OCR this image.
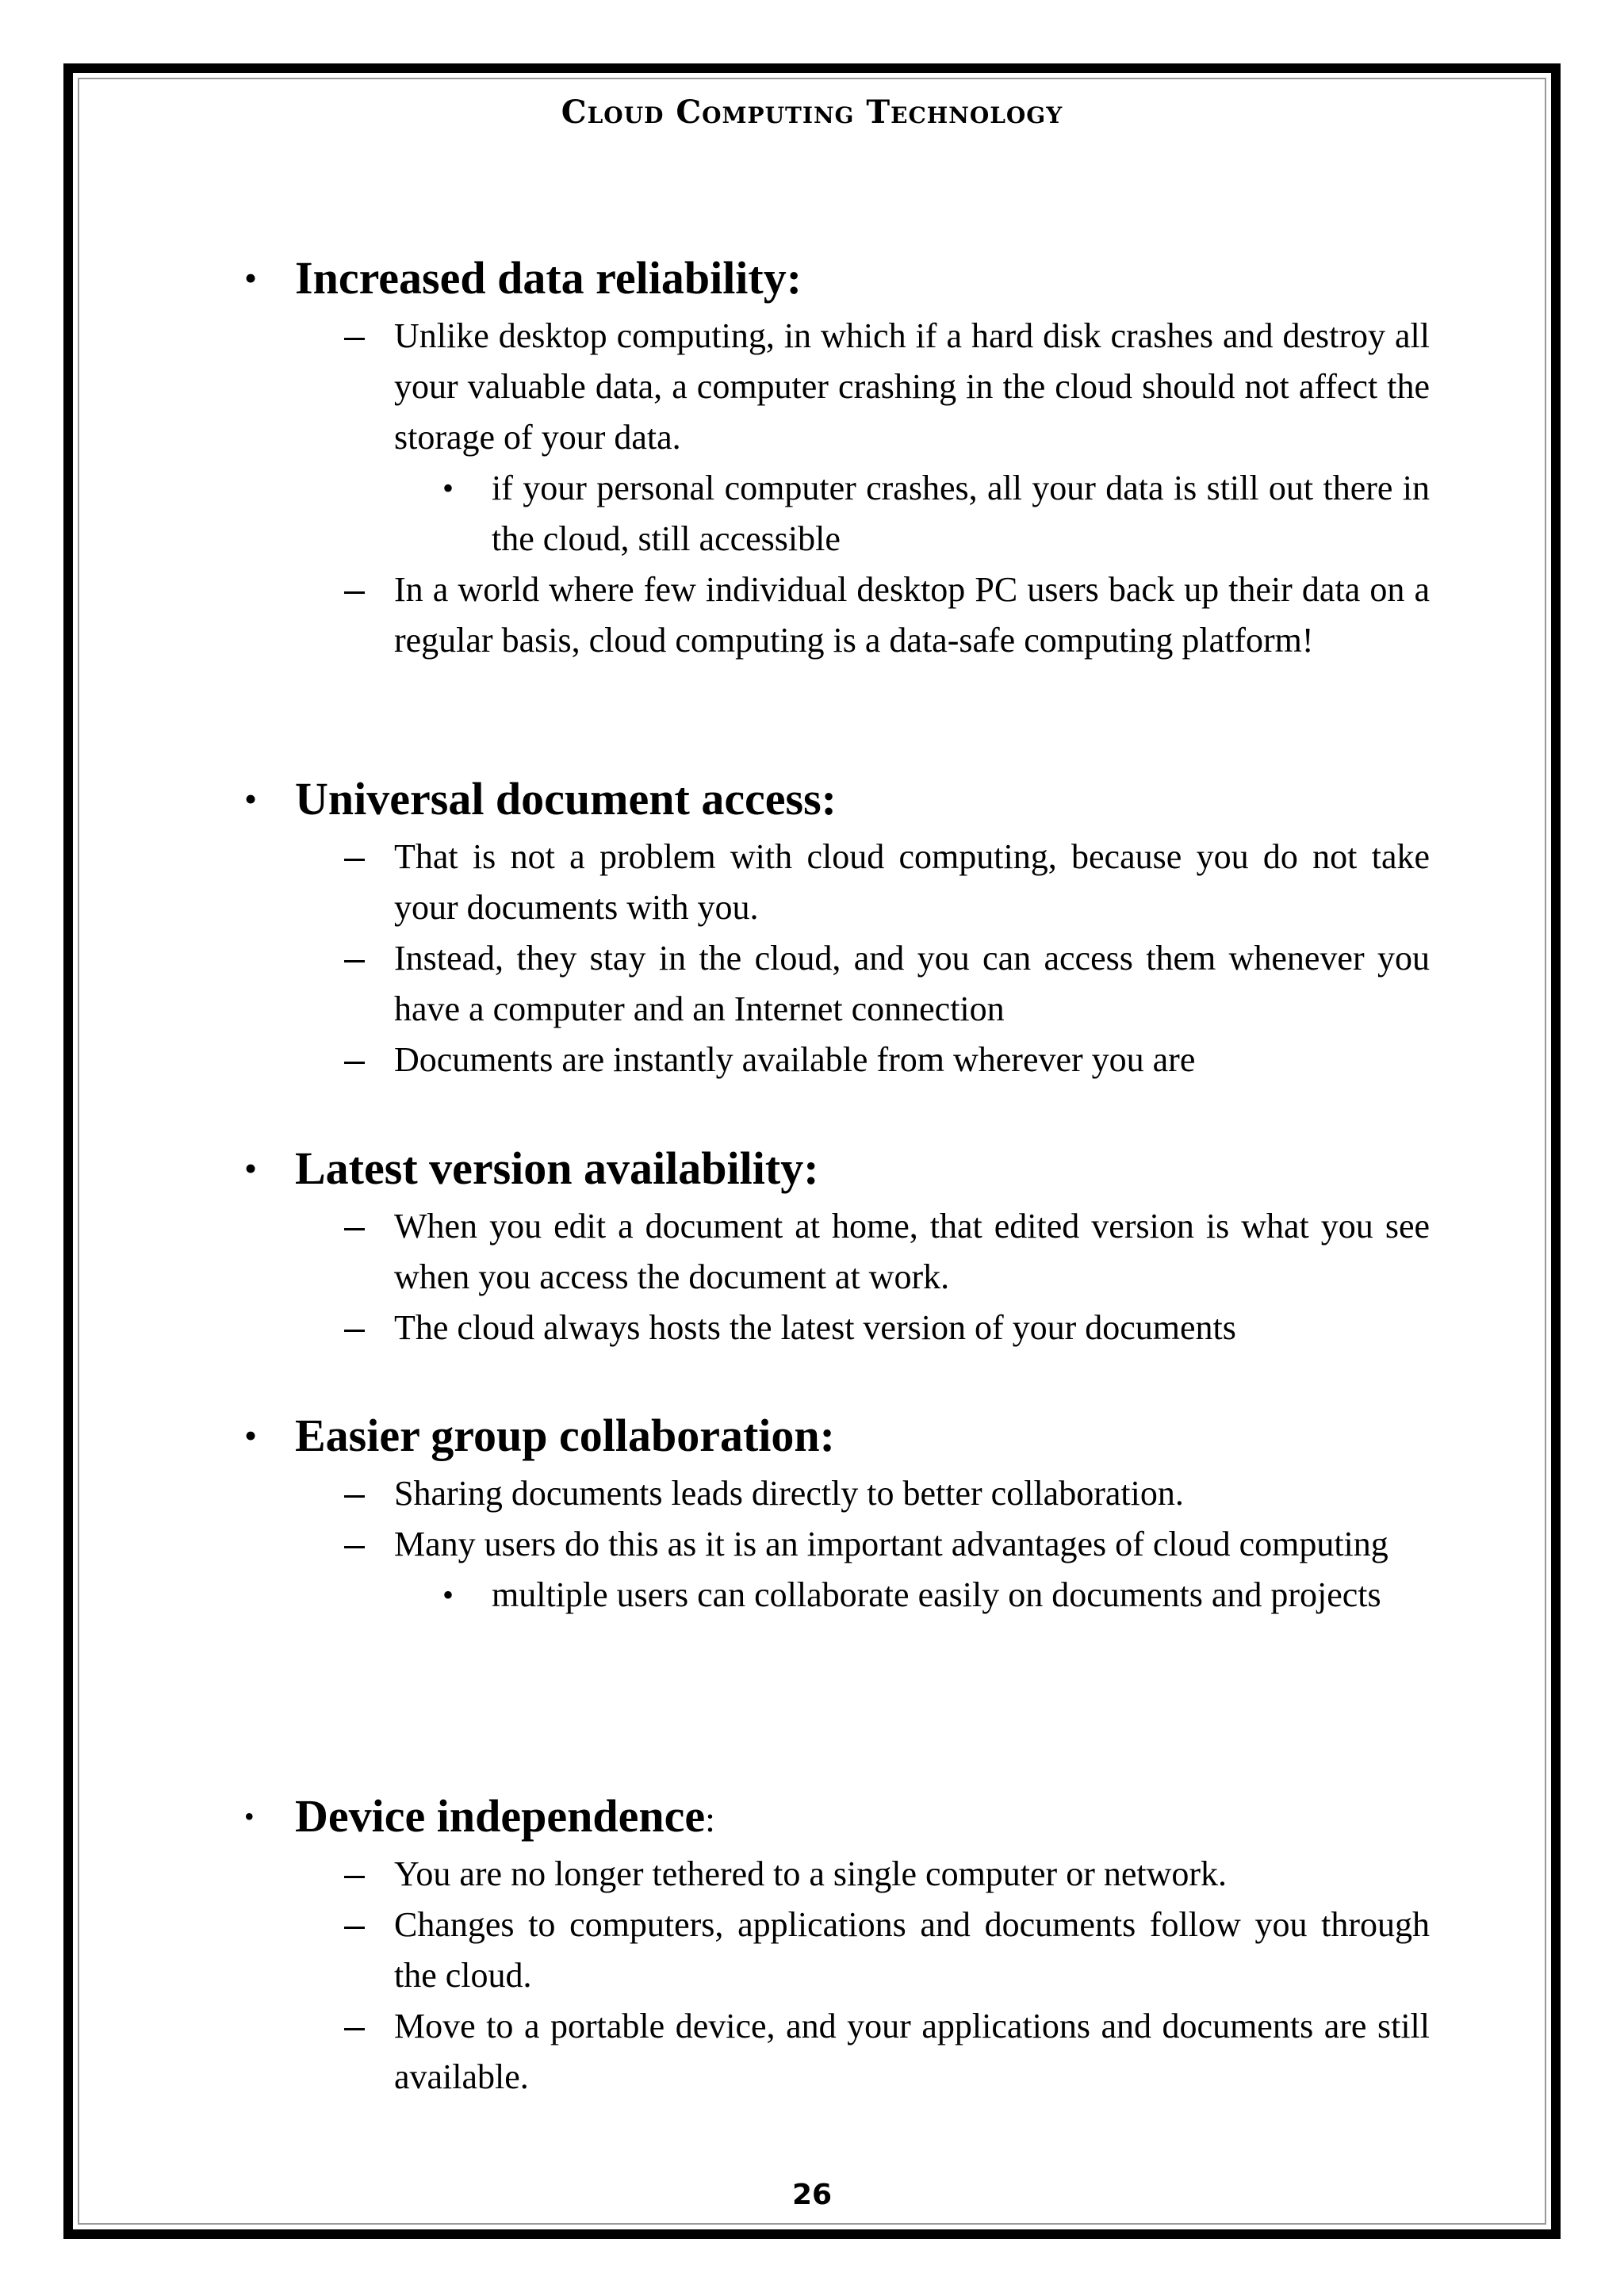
Cloud Computing Technology
• Increased data reliability:
Unlike desktop computing, in which if a hard disk crashes and destroy all your valuable data, a computer crashing in the cloud should not affect the storage of your data.
• if your personal computer crashes, all your data is still out there in the cloud, still accessible
In a world where few individual desktop PC users back up their data on a regular basis, cloud computing is a data-safe computing platform!
• Universal document access:
That is not a problem with cloud computing, because you do not take your documents with you.
Instead, they stay in the cloud, and you can access them whenever you have a computer and an Internet connection
Documents are instantly available from wherever you are
• Latest version availability:
When you edit a document at home, that edited version is what you see when you access the document at work.
The cloud always hosts the latest version of your documents
• Easier group collaboration:
Sharing documents leads directly to better collaboration.
Many users do this as it is an important advantages of cloud computing
• multiple users can collaborate easily on documents and projects
• Device independence:
You are no longer tethered to a single computer or network.
Changes to computers, applications and documents follow you through the cloud.
Move to a portable device, and your applications and documents are still available.
26
